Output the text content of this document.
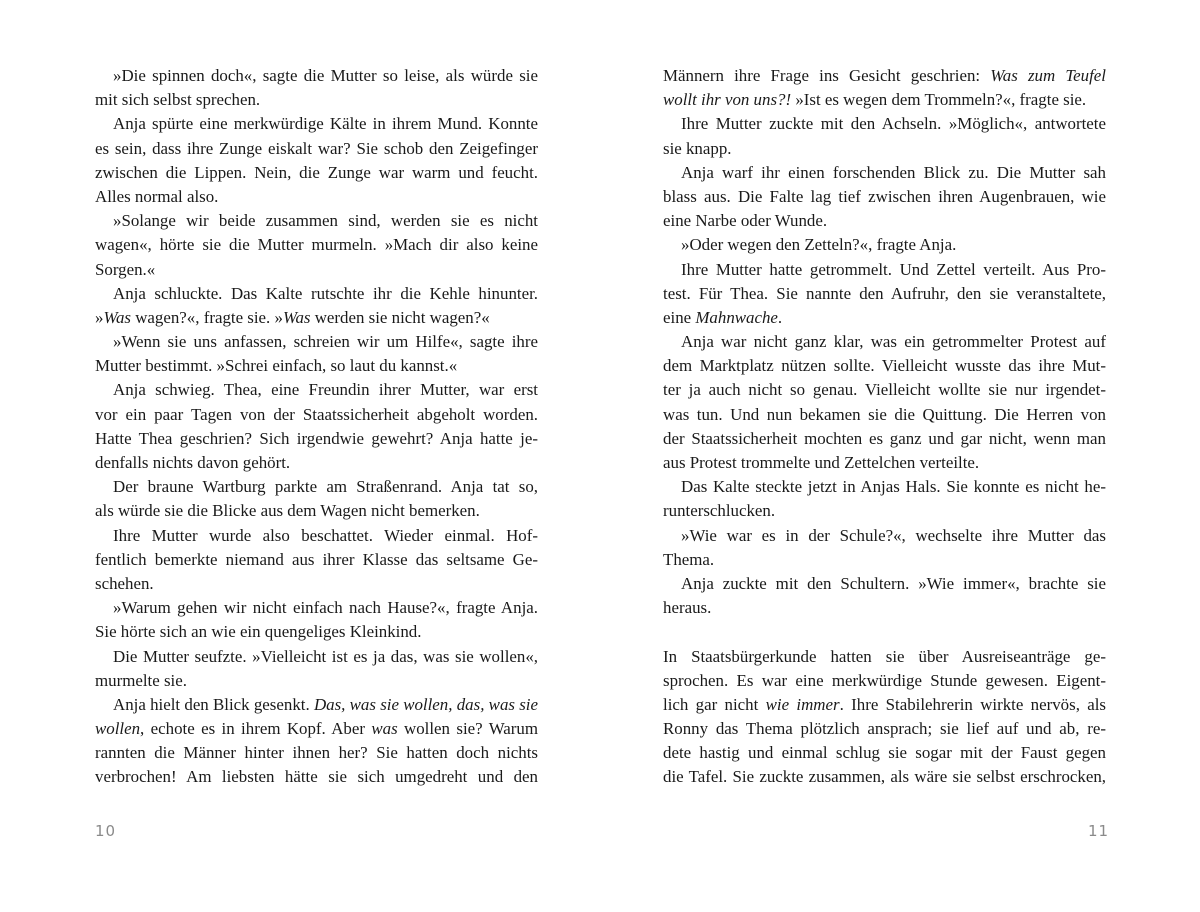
»Die spinnen doch«, sagte die Mutter so leise, als würde sie
mit sich selbst sprechen.
Anja spürte eine merkwürdige Kälte in ihrem Mund. Konnte
es sein, dass ihre Zunge eiskalt war? Sie schob den Zeigefinger
zwischen die Lippen. Nein, die Zunge war warm und feucht.
Alles normal also.
»Solange wir beide zusammen sind, werden sie es nicht
wagen«, hörte sie die Mutter murmeln. »Mach dir also keine
Sorgen.«
Anja schluckte. Das Kalte rutschte ihr die Kehle hinunter.
»Was wagen?«, fragte sie. »Was werden sie nicht wagen?«
»Wenn sie uns anfassen, schreien wir um Hilfe«, sagte ihre
Mutter bestimmt. »Schrei einfach, so laut du kannst.«
Anja schwieg. Thea, eine Freundin ihrer Mutter, war erst
vor ein paar Tagen von der Staatssicherheit abgeholt worden.
Hatte Thea geschrien? Sich irgendwie gewehrt? Anja hatte je-
denfalls nichts davon gehört.
Der braune Wartburg parkte am Straßenrand. Anja tat so,
als würde sie die Blicke aus dem Wagen nicht bemerken.
Ihre Mutter wurde also beschattet. Wieder einmal. Hof-
fentlich bemerkte niemand aus ihrer Klasse das seltsame Ge-
schehen.
»Warum gehen wir nicht einfach nach Hause?«, fragte Anja.
Sie hörte sich an wie ein quengeliges Kleinkind.
Die Mutter seufzte. »Vielleicht ist es ja das, was sie wollen«,
murmelte sie.
Anja hielt den Blick gesenkt. Das, was sie wollen, das, was sie
wollen, echote es in ihrem Kopf. Aber was wollen sie? Warum
rannten die Männer hinter ihnen her? Sie hatten doch nichts
verbrochen! Am liebsten hätte sie sich umgedreht und den
10
Männern ihre Frage ins Gesicht geschrien: Was zum Teufel
wollt ihr von uns?! »Ist es wegen dem Trommeln?«, fragte sie.
Ihre Mutter zuckte mit den Achseln. »Möglich«, antwortete
sie knapp.
Anja warf ihr einen forschenden Blick zu. Die Mutter sah
blass aus. Die Falte lag tief zwischen ihren Augenbrauen, wie
eine Narbe oder Wunde.
»Oder wegen den Zetteln?«, fragte Anja.
Ihre Mutter hatte getrommelt. Und Zettel verteilt. Aus Pro-
test. Für Thea. Sie nannte den Aufruhr, den sie veranstaltete,
eine Mahnwache.
Anja war nicht ganz klar, was ein getrommelter Protest auf
dem Marktplatz nützen sollte. Vielleicht wusste das ihre Mut-
ter ja auch nicht so genau. Vielleicht wollte sie nur irgendet-
was tun. Und nun bekamen sie die Quittung. Die Herren von
der Staatssicherheit mochten es ganz und gar nicht, wenn man
aus Protest trommelte und Zettelchen verteilte.
Das Kalte steckte jetzt in Anjas Hals. Sie konnte es nicht he-
runterschlucken.
»Wie war es in der Schule?«, wechselte ihre Mutter das
Thema.
Anja zuckte mit den Schultern. »Wie immer«, brachte sie
heraus.
In Staatsbürgerkunde hatten sie über Ausreiseanträge ge-
sprochen. Es war eine merkwürdige Stunde gewesen. Eigent-
lich gar nicht wie immer. Ihre Stabilehrerin wirkte nervös, als
Ronny das Thema plötzlich ansprach; sie lief auf und ab, re-
dete hastig und einmal schlug sie sogar mit der Faust gegen
die Tafel. Sie zuckte zusammen, als wäre sie selbst erschrocken,
11
